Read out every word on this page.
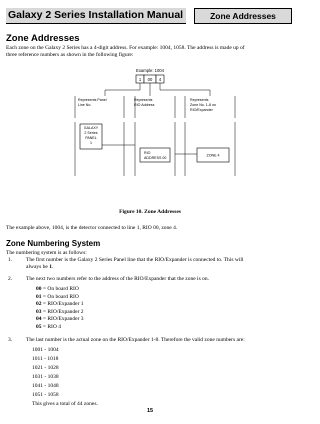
Galaxy 2 Series Installation Manual	Zone Addresses
Zone Addresses
Each zone on the Galaxy 2 Series has a 4-digit address. For example: 1004, 1058. The address is made up of
three reference numbers as shown in the following figure:
Example: 1004
1 00 4
Represents Panel
Line No.
Represents
RIO Address
Represents
Zone No. 1-8 on
RIO/Expander
GALAXY
2 Series
PANEL
1
RIO
ADDRESS 00
ZONE 4
Figure 10. Zone Addresses
The example above, 1004, is the detector connected to line 1, RIO 00, zone 4.
Zone Numbering System
The numbering system is as follows:
1.	The first number is the Galaxy 2 Series Panel line that the RIO/Expander is connected to. This will
always be 1.
2.	The next two numbers refer to the address of the RIO/Expander that the zone is on.
00 = On board RIO
01 = On board RIO
02 = RIO/Expander 1
03 = RIO/Expander 2
04 = RIO/Expander 3
05 = RIO 4
3.	The last number is the actual zone on the RIO/Expander 1-8. Therefore the valid zone numbers are:
1001 - 1004
1011 - 1018
1021 - 1028
1031 - 1038
1041 - 1048
1051 - 1058
This gives a total of 44 zones.
15
